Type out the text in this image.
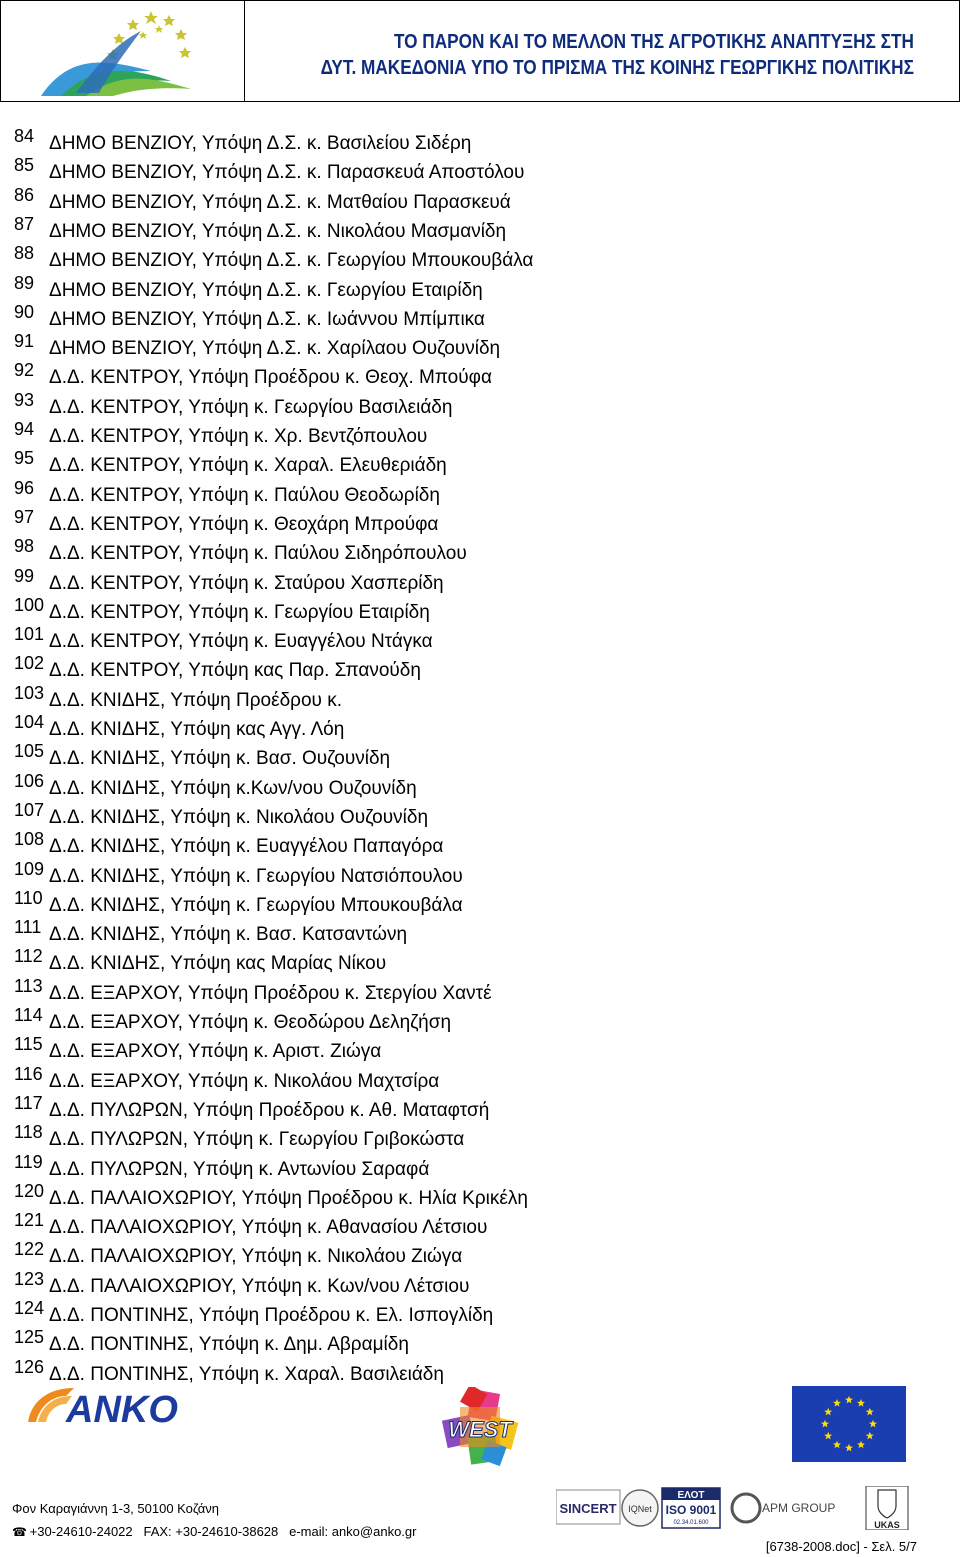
ΤΟ ΠΑΡΟΝ ΚΑΙ ΤΟ ΜΕΛΛΟΝ ΤΗΣ ΑΓΡΟΤΙΚΗΣ ΑΝΑΠΤΥΞΗΣ ΣΤΗ
ΔΥΤ. ΜΑΚΕΔΟΝΙΑ ΥΠΟ ΤΟ ΠΡΙΣΜΑ ΤΗΣ ΚΟΙΝΗΣ ΓΕΩΡΓΙΚΗΣ ΠΟΛΙΤΙΚΗΣ
84 ΔΗΜΟ ΒΕΝΖΙΟΥ, Υπόψη Δ.Σ. κ. Βασιλείου Σιδέρη
85 ΔΗΜΟ ΒΕΝΖΙΟΥ, Υπόψη Δ.Σ. κ. Παρασκευά Αποστόλου
86 ΔΗΜΟ ΒΕΝΖΙΟΥ, Υπόψη Δ.Σ. κ. Ματθαίου Παρασκευά
87 ΔΗΜΟ ΒΕΝΖΙΟΥ, Υπόψη Δ.Σ. κ. Νικολάου Μασμανίδη
88 ΔΗΜΟ ΒΕΝΖΙΟΥ, Υπόψη Δ.Σ. κ. Γεωργίου Μπουκουβάλα
89 ΔΗΜΟ ΒΕΝΖΙΟΥ, Υπόψη Δ.Σ. κ. Γεωργίου Εταιρίδη
90 ΔΗΜΟ ΒΕΝΖΙΟΥ, Υπόψη Δ.Σ. κ. Ιωάννου Μπίμπικα
91 ΔΗΜΟ ΒΕΝΖΙΟΥ, Υπόψη Δ.Σ. κ. Χαρίλαου Ουζουνίδη
92 Δ.Δ. ΚΕΝΤΡΟΥ, Υπόψη Προέδρου κ. Θεοχ. Μπούφα
93 Δ.Δ. ΚΕΝΤΡΟΥ, Υπόψη κ. Γεωργίου Βασιλειάδη
94 Δ.Δ. ΚΕΝΤΡΟΥ, Υπόψη κ. Χρ. Βεντζόπουλου
95 Δ.Δ. ΚΕΝΤΡΟΥ, Υπόψη κ. Χαραλ. Ελευθεριάδη
96 Δ.Δ. ΚΕΝΤΡΟΥ, Υπόψη κ. Παύλου Θεοδωρίδη
97 Δ.Δ. ΚΕΝΤΡΟΥ, Υπόψη κ. Θεοχάρη Μπρούφα
98 Δ.Δ. ΚΕΝΤΡΟΥ, Υπόψη κ. Παύλου Σιδηρόπουλου
99 Δ.Δ. ΚΕΝΤΡΟΥ, Υπόψη κ. Σταύρου Χασπερίδη
100 Δ.Δ. ΚΕΝΤΡΟΥ, Υπόψη κ. Γεωργίου Εταιρίδη
101 Δ.Δ. ΚΕΝΤΡΟΥ, Υπόψη κ. Ευαγγέλου Ντάγκα
102 Δ.Δ. ΚΕΝΤΡΟΥ, Υπόψη κας Παρ. Σπανούδη
103 Δ.Δ. ΚΝΙΔΗΣ, Υπόψη Προέδρου κ.
104 Δ.Δ. ΚΝΙΔΗΣ, Υπόψη κας Αγγ. Λόη
105 Δ.Δ. ΚΝΙΔΗΣ, Υπόψη κ. Βασ. Ουζουνίδη
106 Δ.Δ. ΚΝΙΔΗΣ, Υπόψη κ.Κων/νου Ουζουνίδη
107 Δ.Δ. ΚΝΙΔΗΣ, Υπόψη κ. Νικολάου Ουζουνίδη
108 Δ.Δ. ΚΝΙΔΗΣ, Υπόψη κ. Ευαγγέλου Παπαγόρα
109 Δ.Δ. ΚΝΙΔΗΣ, Υπόψη κ. Γεωργίου Νατσιόπουλου
110 Δ.Δ. ΚΝΙΔΗΣ, Υπόψη κ. Γεωργίου Μπουκουβάλα
111 Δ.Δ. ΚΝΙΔΗΣ, Υπόψη κ. Βασ. Κατσαντώνη
112 Δ.Δ. ΚΝΙΔΗΣ, Υπόψη κας Μαρίας Νίκου
113 Δ.Δ. ΕΞΑΡΧΟΥ, Υπόψη Προέδρου κ. Στεργίου Χαντέ
114 Δ.Δ. ΕΞΑΡΧΟΥ, Υπόψη κ. Θεοδώρου Δεληζήση
115 Δ.Δ. ΕΞΑΡΧΟΥ, Υπόψη κ. Αριστ. Ζιώγα
116 Δ.Δ. ΕΞΑΡΧΟΥ, Υπόψη κ. Νικολάου Μαχτσίρα
117 Δ.Δ. ΠΥΛΩΡΩΝ, Υπόψη Προέδρου κ. Αθ. Ματαφτσή
118 Δ.Δ. ΠΥΛΩΡΩΝ, Υπόψη κ. Γεωργίου Γριβοκώστα
119 Δ.Δ. ΠΥΛΩΡΩΝ, Υπόψη κ. Αντωνίου Σαραφά
120 Δ.Δ. ΠΑΛΑΙΟΧΩΡΙΟΥ, Υπόψη Προέδρου κ. Ηλία Κρικέλη
121 Δ.Δ. ΠΑΛΑΙΟΧΩΡΙΟΥ, Υπόψη κ. Αθανασίου Λέτσιου
122 Δ.Δ. ΠΑΛΑΙΟΧΩΡΙΟΥ, Υπόψη κ. Νικολάου Ζιώγα
123 Δ.Δ. ΠΑΛΑΙΟΧΩΡΙΟΥ, Υπόψη κ. Κων/νου Λέτσιου
124 Δ.Δ. ΠΟΝΤΙΝΗΣ, Υπόψη Προέδρου κ. Ελ. Ισπογλίδη
125 Δ.Δ. ΠΟΝΤΙΝΗΣ, Υπόψη κ. Δημ. Αβραμίδη
126 Δ.Δ. ΠΟΝΤΙΝΗΣ, Υπόψη κ. Χαραλ. Βασιλειάδη
ANKO	WEST
Φον Καραγιάννη 1-3, 50100 Κοζάνη
☎ +30-24610-24022   FAX: +30-24610-38628   e-mail: anko@anko.gr
SINCERT IQNet
ΕΛΟΤ
ISO 9001
02.34.01.600
APM GROUP
UKAS
[6738-2008.doc] - Σελ. 5/7
